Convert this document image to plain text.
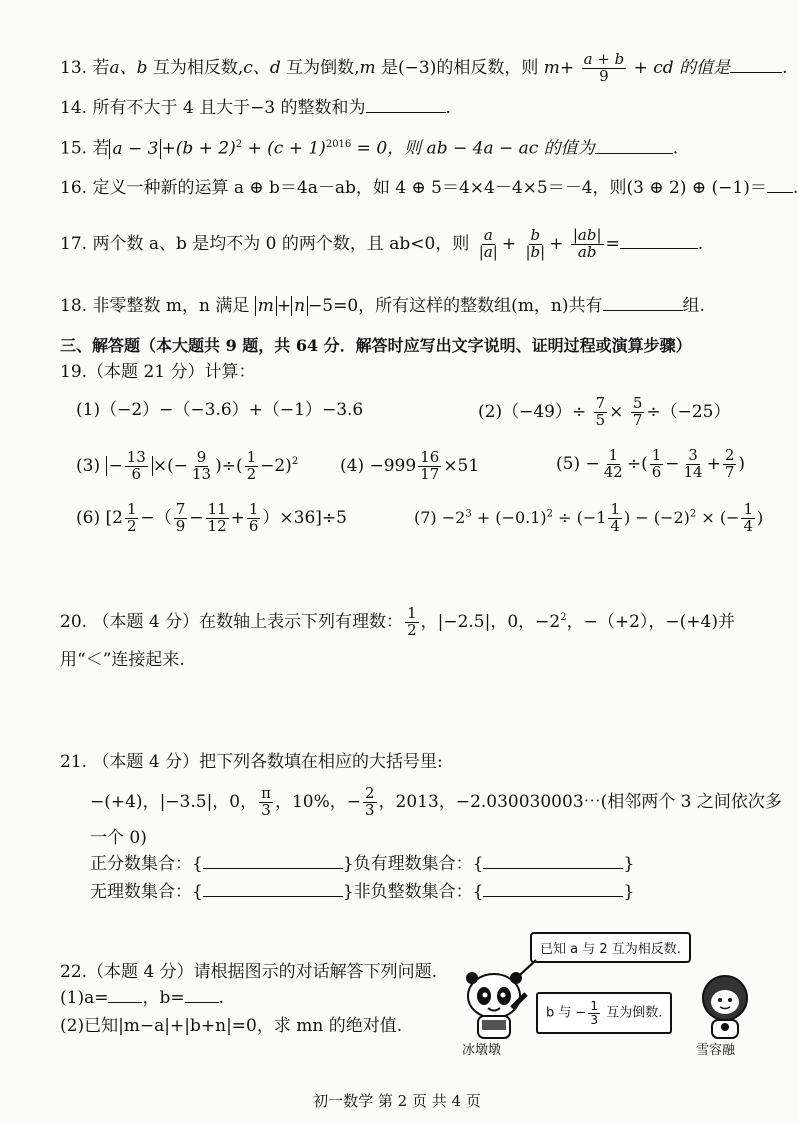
13. 若a、b 互为相反数,c、d 互为倒数,m 是(−3)的相反数，则 $m+ \frac{a + b}{9}$ + cd 的值是	.
14. 所有不大于 4 且大于−3 的整数和为	.
15. 若 $a - 3 +(b + 2)^2 + (c + 1)^{2016} = 0$，则 ab − 4a − ac 的值为	.
16. 定义一种新的运算 a ⊕ b＝4a－ab，如 4 ⊕ 5＝4×4－4×5＝－4，则(3 ⊕ 2) ⊕ (−1)＝ .
17. 两个数 a、b 是均不为 0 的两个数，且 ab<0，则 $\frac{a}{|a|} + \frac{b}{|b|} + \frac{|ab|}{ab}$ =	.
18. 非零整数 m，n 满足 m + n −5=0，所有这样的整数组(m，n)共有	组.
三、解答题（本大题共 9 题，共 64 分．解答时应写出文字说明、证明过程或演算步骤）
19.（本题 21 分）计算：
(1)（−2）−（−3.6）+（−1）−3.6	$(2)(-49)\div \frac{7}{5} \times \frac{5}{7} \div(-25)$
$(3) - \frac{13}{6}$ ×(− $\frac{9}{13}$ )÷( $\frac{1}{2} -2)^2$ $(4) -999 \frac{16}{17} \times 51$	$(5) - \frac{1}{42}$ ÷( $\frac{1}{6} - \frac{3}{14} + \frac{2}{7}$ )
(6) [$2 \frac{1}{2}$ −（ $\frac{7}{9} - \frac{11}{12} + \frac{1}{6} )\times 36]\div 5$	$(7) -2^3 + (-0.1)^2 \div (-1 \frac{1}{4}$ ) − $(-2)^2$ × (− $\frac{1}{4}$ )
20. （本题 4 分）在数轴上表示下列有理数： $\frac{1}{2}$ ，|−2.5|，0，$-2^2$，−（+2），−(+4)并
用“＜”连接起来.
21. （本题 4 分）把下列各数填在相应的大括号里:
−(+4)，|−3.5|，0， $\frac{\pi}{3}$ ，10%，− $\frac{2}{3}$ ，2013，−2.030030003⋯(相邻两个 3 之间依次多
一个 0)
正分数集合：{	}负有理数集合：{	}
无理数集合：{	}非负整数集合：{	}
22.（本题 4 分）请根据图示的对话解答下列问题.
(1)a= ，b= .
(2)已知|m−a|+|b+n|=0，求 mn 的绝对值.
已知 a 与 2 互为相反数.
b 与 − $\frac{1}{3}$ 互为倒数.
冰墩墩	雪容融
初一数学 第 2 页 共 4 页
